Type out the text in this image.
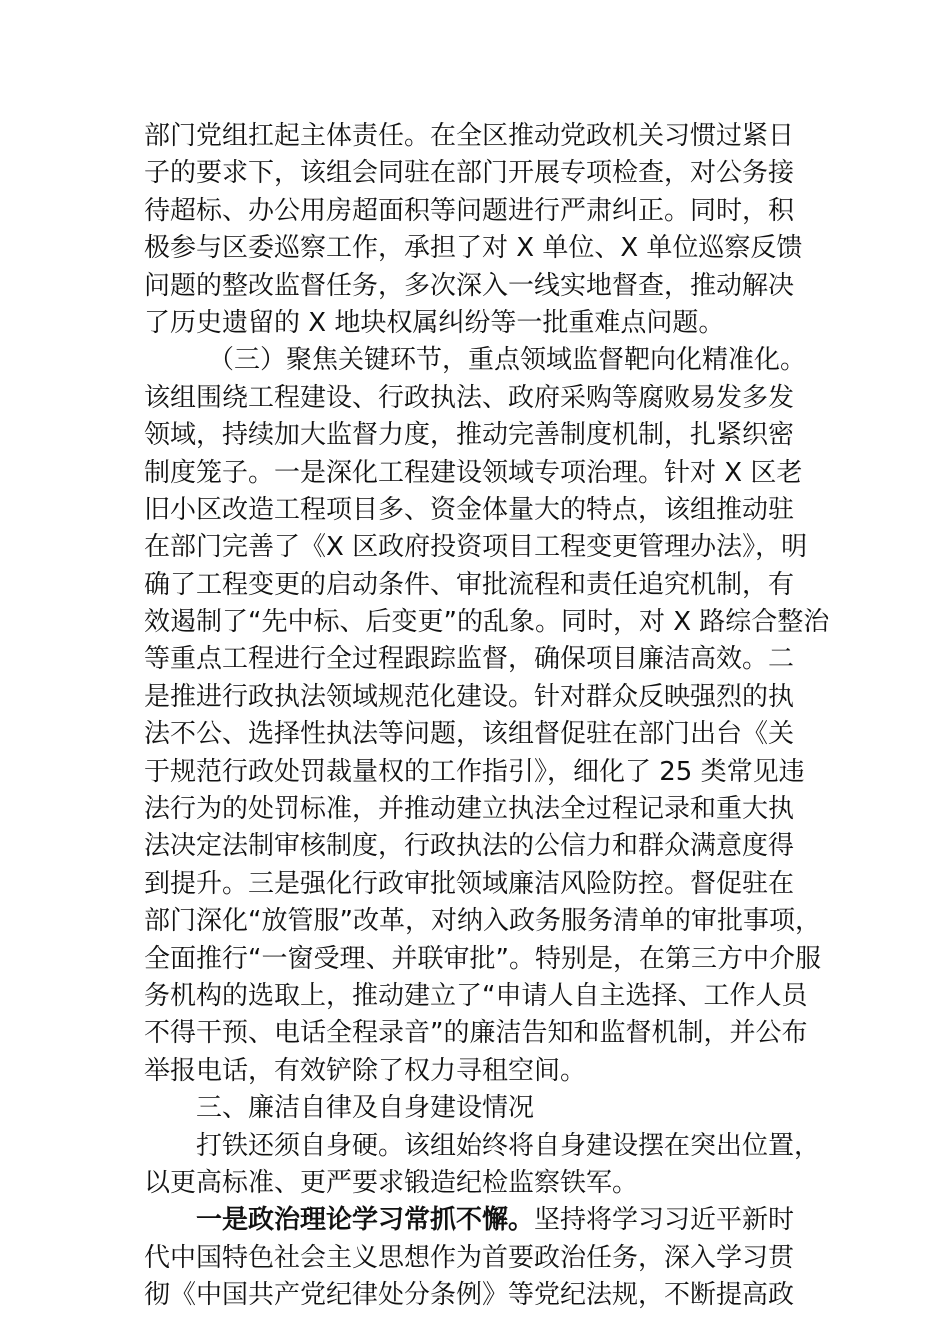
部门党组扛起主体责任。在全区推动党政机关习惯过紧日
子的要求下，该组会同驻在部门开展专项检查，对公务接
待超标、办公用房超面积等问题进行严肃纠正。同时，积
极参与区委巡察工作，承担了对 X 单位、X 单位巡察反馈
问题的整改监督任务，多次深入一线实地督查，推动解决
了历史遗留的 X 地块权属纠纷等一批重难点问题。
（三）聚焦关键环节，重点领域监督靶向化精准化。
该组围绕工程建设、行政执法、政府采购等腐败易发多发
领域，持续加大监督力度，推动完善制度机制，扎紧织密
制度笼子。一是深化工程建设领域专项治理。针对 X 区老
旧小区改造工程项目多、资金体量大的特点，该组推动驻
在部门完善了《X 区政府投资项目工程变更管理办法》，明
确了工程变更的启动条件、审批流程和责任追究机制，有
效遏制了“先中标、后变更”的乱象。同时，对 X 路综合整治
等重点工程进行全过程跟踪监督，确保项目廉洁高效。二
是推进行政执法领域规范化建设。针对群众反映强烈的执
法不公、选择性执法等问题，该组督促驻在部门出台《关
于规范行政处罚裁量权的工作指引》，细化了 25 类常见违
法行为的处罚标准，并推动建立执法全过程记录和重大执
法决定法制审核制度，行政执法的公信力和群众满意度得
到提升。三是强化行政审批领域廉洁风险防控。督促驻在
部门深化“放管服”改革，对纳入政务服务清单的审批事项，
全面推行“一窗受理、并联审批”。特别是，在第三方中介服
务机构的选取上，推动建立了“申请人自主选择、工作人员
不得干预、电话全程录音”的廉洁告知和监督机制，并公布
举报电话，有效铲除了权力寻租空间。
三、廉洁自律及自身建设情况
打铁还须自身硬。该组始终将自身建设摆在突出位置，
以更高标准、更严要求锻造纪检监察铁军。
一是政治理论学习常抓不懈。坚持将学习习近平新时
代中国特色社会主义思想作为首要政治任务，深入学习贯
彻《中国共产党纪律处分条例》等党纪法规，不断提高政
